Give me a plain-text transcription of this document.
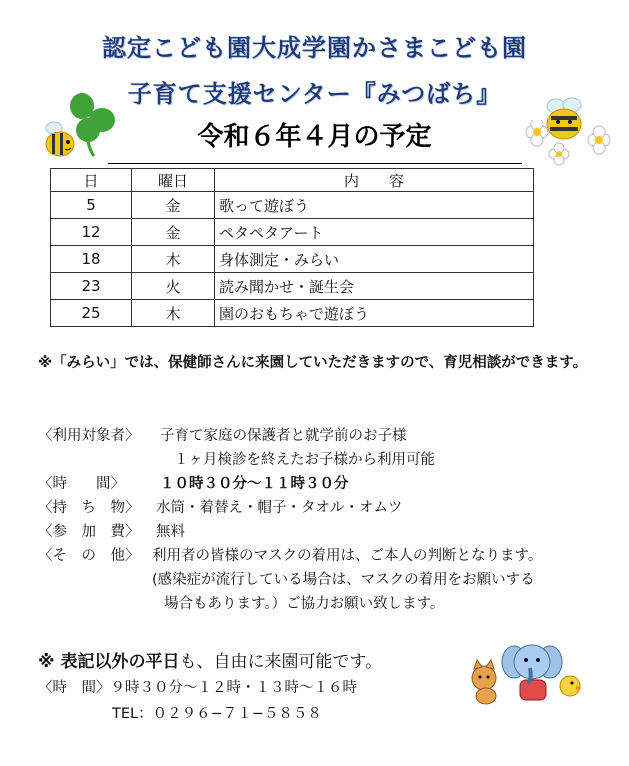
認定こども園大成学園かさまこども園
子育て支援センター『みつばち』
令和６年４月の予定
日	曜日	内　　容
5	金	歌って遊ぼう
12	金	ペタペタアート
18	木	身体測定・みらい
23	火	読み聞かせ・誕生会
25	木	園のおもちゃで遊ぼう
※「みらい」では、保健師さんに来園していただきますので、育児相談ができます。
〈利用対象者〉	子育て家庭の保護者と就学前のお子様
１ヶ月検診を終えたお子様から利用可能
〈時　　間〉	１０時３０分～１１時３０分
〈持　ち　物〉	水筒・着替え・帽子・タオル・オムツ
〈参　加　費〉	無料
〈そ　の　他〉 利用者の皆様のマスクの着用は、ご本人の判断となります。
(感染症が流行している場合は、マスクの着用をお願いする
場合もあります。）ご協力お願い致します。
※ 表記以外の平日も、自由に来園可能です。
〈時　間〉９時３０分～１２時・１３時～１６時
TEL：０２９６−７１−５８５８
